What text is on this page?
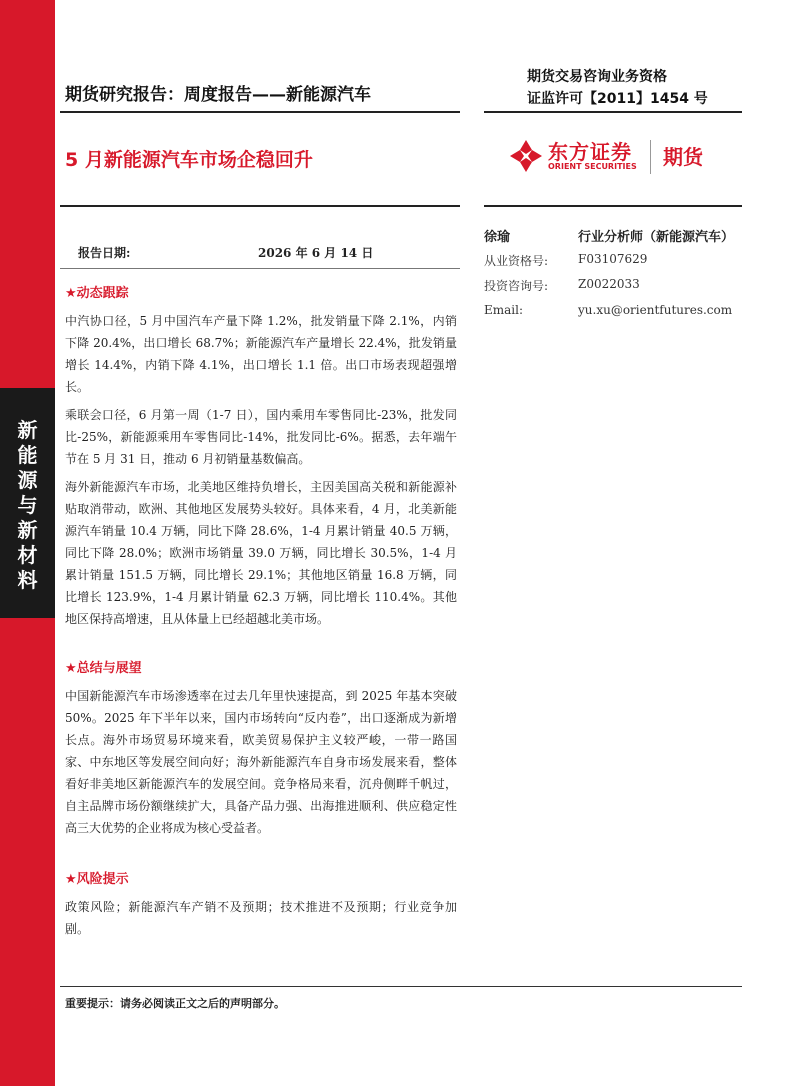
新
能
源
与
新
材
料
期货研究报告：周度报告——新能源汽车
期货交易咨询业务资格
证监许可【2011】1454 号
5 月新能源汽车市场企稳回升	东方证券
ORIENT SECURITIES 期货
报告日期:	2026 年 6 月 14 日
徐瑜	行业分析师（新能源汽车）
从业资格号: F03107629
投资咨询号: Z0022033
Email:	yu.xu@orientfutures.com
★动态跟踪

中汽协口径，5 月中国汽车产量下降 1.2%，批发销量下降 2.1%，内销下降 20.4%，出口增长 68.7%；新能源汽车产量增长 22.4%，批发销量增长 14.4%，内销下降 4.1%，出口增长 1.1 倍。出口市场表现超强增长。

乘联会口径，6 月第一周（1-7 日），国内乘用车零售同比-23%，批发同比-25%，新能源乘用车零售同比-14%，批发同比-6%。据悉，去年端午节在 5 月 31 日，推动 6 月初销量基数偏高。

海外新能源汽车市场，北美地区维持负增长，主因美国高关税和新能源补贴取消带动，欧洲、其他地区发展势头较好。具体来看，4 月，北美新能源汽车销量 10.4 万辆，同比下降 28.6%，1-4 月累计销量 40.5 万辆，同比下降 28.0%；欧洲市场销量 39.0 万辆，同比增长 30.5%，1-4 月累计销量 151.5 万辆，同比增长 29.1%；其他地区销量 16.8 万辆，同比增长 123.9%，1-4 月累计销量 62.3 万辆，同比增长 110.4%。其他地区保持高增速，且从体量上已经超越北美市场。

★总结与展望

中国新能源汽车市场渗透率在过去几年里快速提高，到 2025 年基本突破 50%。2025 年下半年以来，国内市场转向“反内卷”，出口逐渐成为新增长点。海外市场贸易环境来看，欧美贸易保护主义较严峻，一带一路国家、中东地区等发展空间向好；海外新能源汽车自身市场发展来看，整体看好非美地区新能源汽车的发展空间。竞争格局来看，沉舟侧畔千帆过，自主品牌市场份额继续扩大，具备产品力强、出海推进顺利、供应稳定性高三大优势的企业将成为核心受益者。

★风险提示

政策风险；新能源汽车产销不及预期；技术推进不及预期；行业竞争加剧。

重要提示：请务必阅读正文之后的声明部分。
